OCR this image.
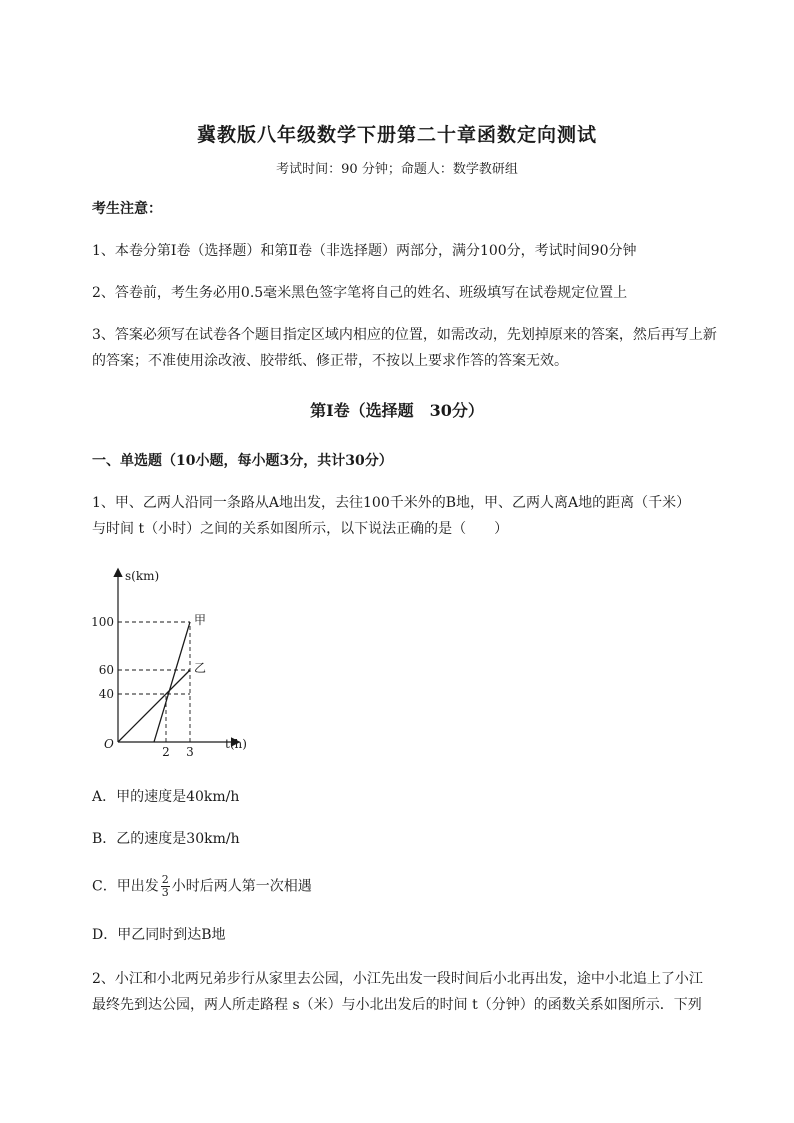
冀教版八年级数学下册第二十章函数定向测试
考试时间：90 分钟；命题人：数学教研组
考生注意：
1、本卷分第Ⅰ卷（选择题）和第Ⅱ卷（非选择题）两部分，满分100分，考试时间90分钟
2、答卷前，考生务必用0.5毫米黑色签字笔将自己的姓名、班级填写在试卷规定位置上
3、答案必须写在试卷各个题目指定区域内相应的位置，如需改动，先划掉原来的答案，然后再写上新
的答案；不准使用涂改液、胶带纸、修正带，不按以上要求作答的答案无效。
第Ⅰ卷（选择题　30分）
一、单选题（10小题，每小题3分，共计30分）
1、甲、乙两人沿同一条路从A地出发，去往100千米外的B地，甲、乙两人离A地的距离（千米）
与时间 t（小时）之间的关系如图所示，以下说法正确的是（　　）
s(km)
t(h)
O
40
60
100
2 3
甲
乙
A．甲的速度是40km/h
B．乙的速度是30km/h
C．甲出发 $\frac{2}{3}$ 小时后两人第一次相遇
D．甲乙同时到达B地
2、小江和小北两兄弟步行从家里去公园，小江先出发一段时间后小北再出发，途中小北追上了小江
最终先到达公园，两人所走路程 s（米）与小北出发后的时间 t（分钟）的函数关系如图所示．下列
